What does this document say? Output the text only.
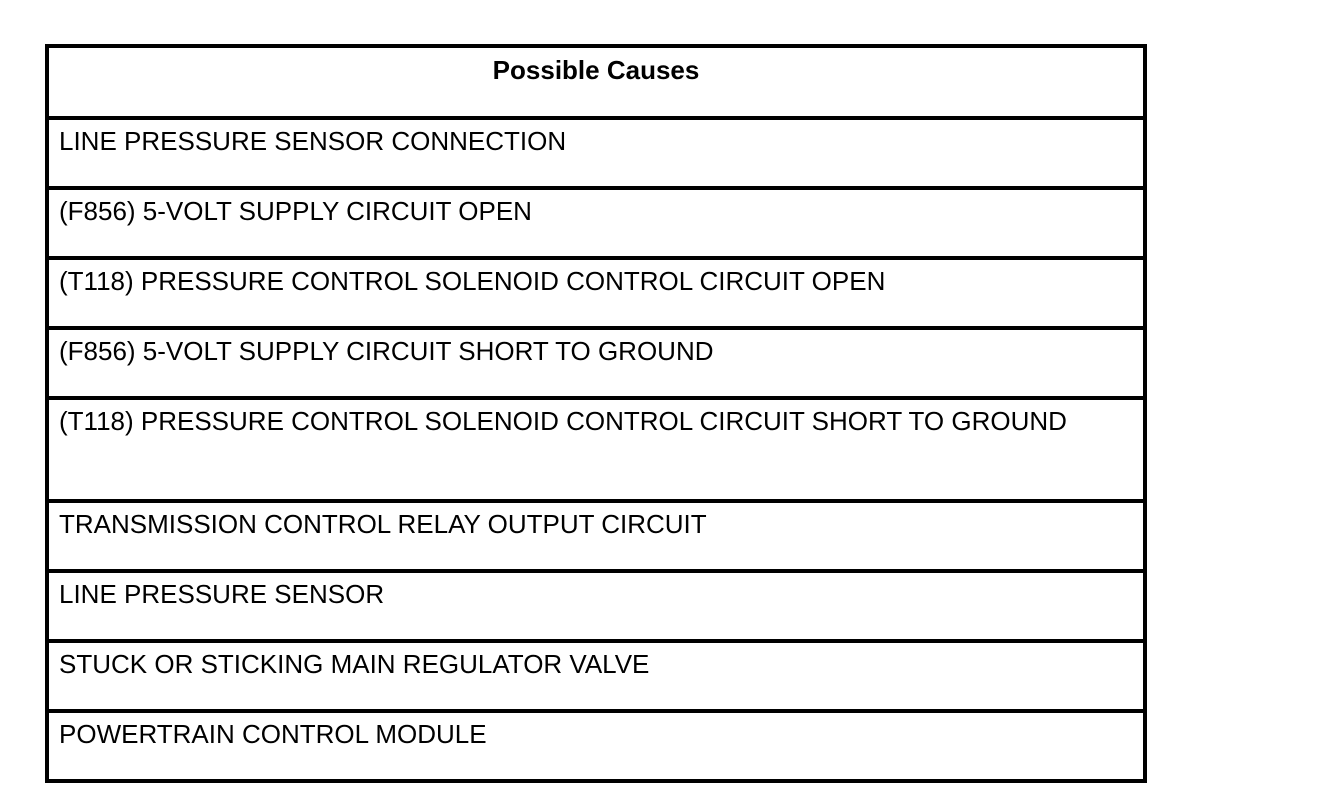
Possible Causes
LINE PRESSURE SENSOR CONNECTION
(F856) 5-VOLT SUPPLY CIRCUIT OPEN
(T118) PRESSURE CONTROL SOLENOID CONTROL CIRCUIT OPEN
(F856) 5-VOLT SUPPLY CIRCUIT SHORT TO GROUND
(T118) PRESSURE CONTROL SOLENOID CONTROL CIRCUIT SHORT TO GROUND
TRANSMISSION CONTROL RELAY OUTPUT CIRCUIT
LINE PRESSURE SENSOR
STUCK OR STICKING MAIN REGULATOR VALVE
POWERTRAIN CONTROL MODULE
